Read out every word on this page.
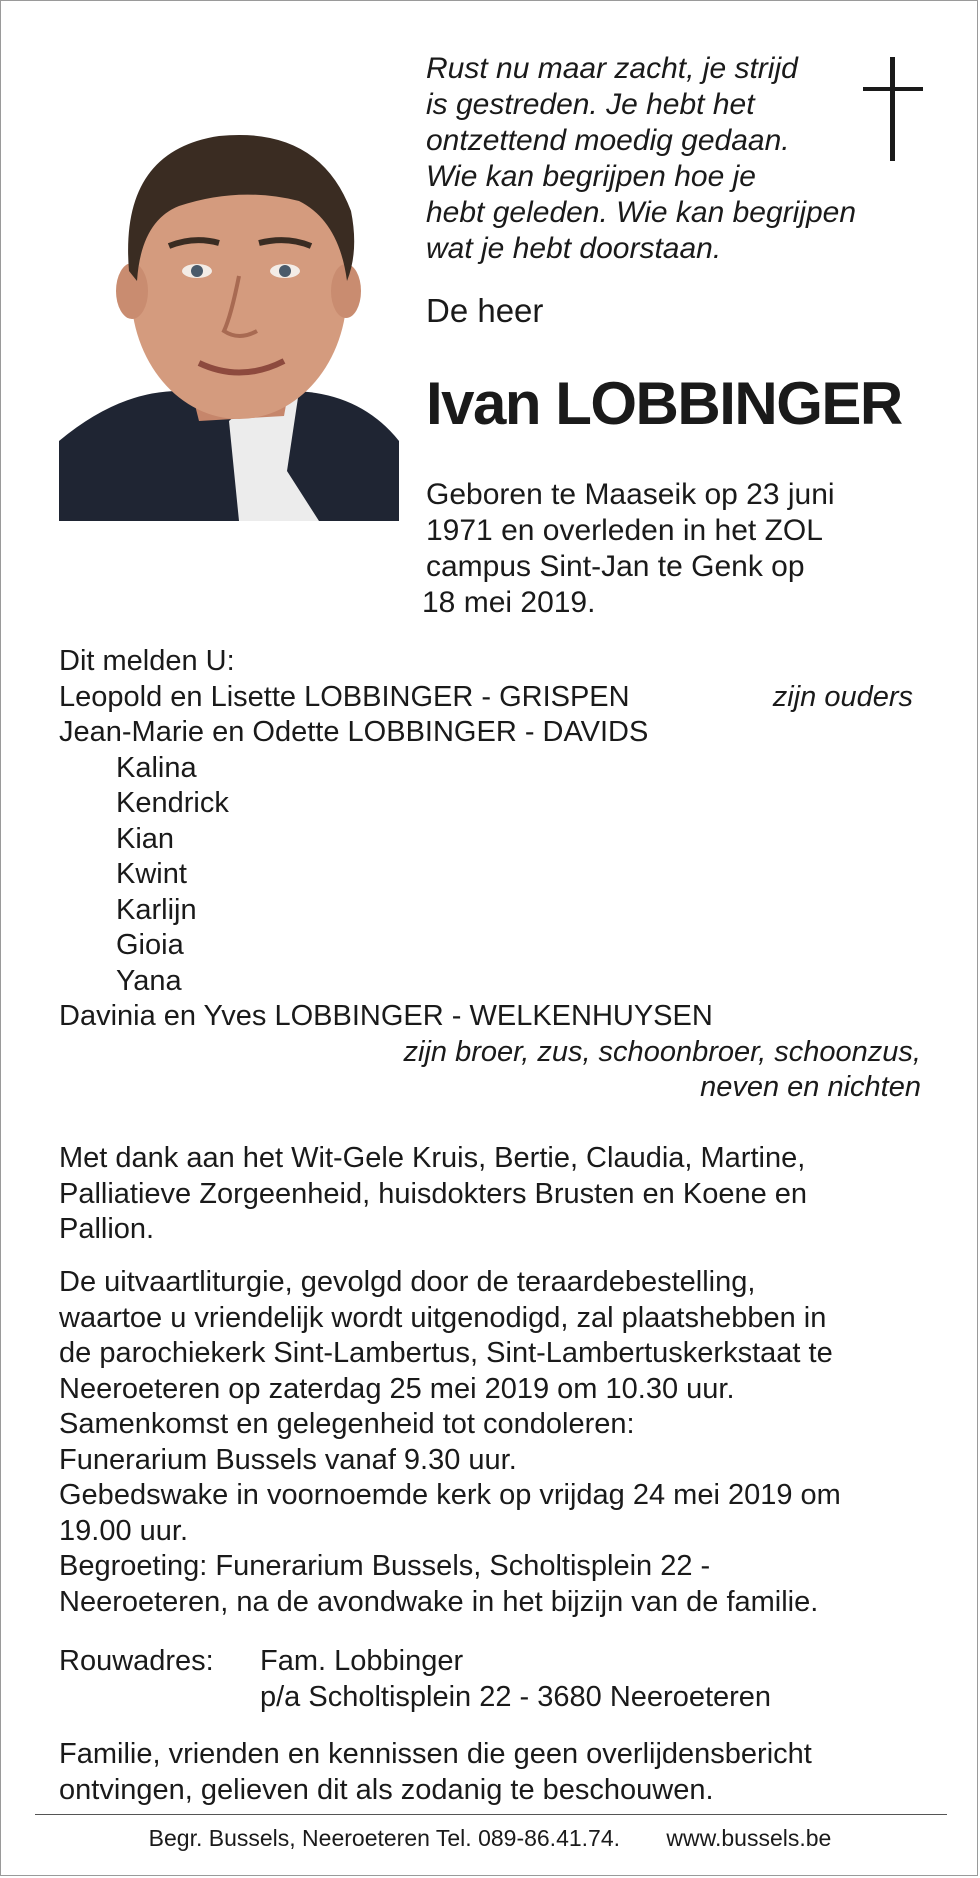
Rust nu maar zacht, je strijd
is gestreden. Je hebt het
ontzettend moedig gedaan.
Wie kan begrijpen hoe je
hebt geleden. Wie kan begrijpen
wat je hebt doorstaan.
De heer
Ivan LOBBINGER
Geboren te Maaseik op 23 juni
1971 en overleden in het ZOL
campus Sint-Jan te Genk op
18 mei 2019.
Dit melden U:
Leopold en Lisette LOBBINGER - GRISPEN	zijn ouders
Jean-Marie en Odette LOBBINGER - DAVIDS
Kalina
Kendrick
Kian
Kwint
Karlijn
Gioia
Yana
Davinia en Yves LOBBINGER - WELKENHUYSEN
zijn broer, zus, schoonbroer, schoonzus,
neven en nichten
Met dank aan het Wit-Gele Kruis, Bertie, Claudia, Martine,
Palliatieve Zorgeenheid, huisdokters Brusten en Koene en
Pallion.
De uitvaartliturgie, gevolgd door de teraardebestelling,
waartoe u vriendelijk wordt uitgenodigd, zal plaatshebben in
de parochiekerk Sint-Lambertus, Sint-Lambertuskerkstaat te
Neeroeteren op zaterdag 25 mei 2019 om 10.30 uur.
Samenkomst en gelegenheid tot condoleren:
Funerarium Bussels vanaf 9.30 uur.
Gebedswake in voornoemde kerk op vrijdag 24 mei 2019 om
19.00 uur.
Begroeting: Funerarium Bussels, Scholtisplein 22 -
Neeroeteren, na de avondwake in het bijzijn van de familie.
Rouwadres: Fam. Lobbinger
p/a Scholtisplein 22 - 3680 Neeroeteren
Familie, vrienden en kennissen die geen overlijdensbericht
ontvingen, gelieven dit als zodanig te beschouwen.
Begr. Bussels, Neeroeteren Tel. 089-86.41.74. www.bussels.be
